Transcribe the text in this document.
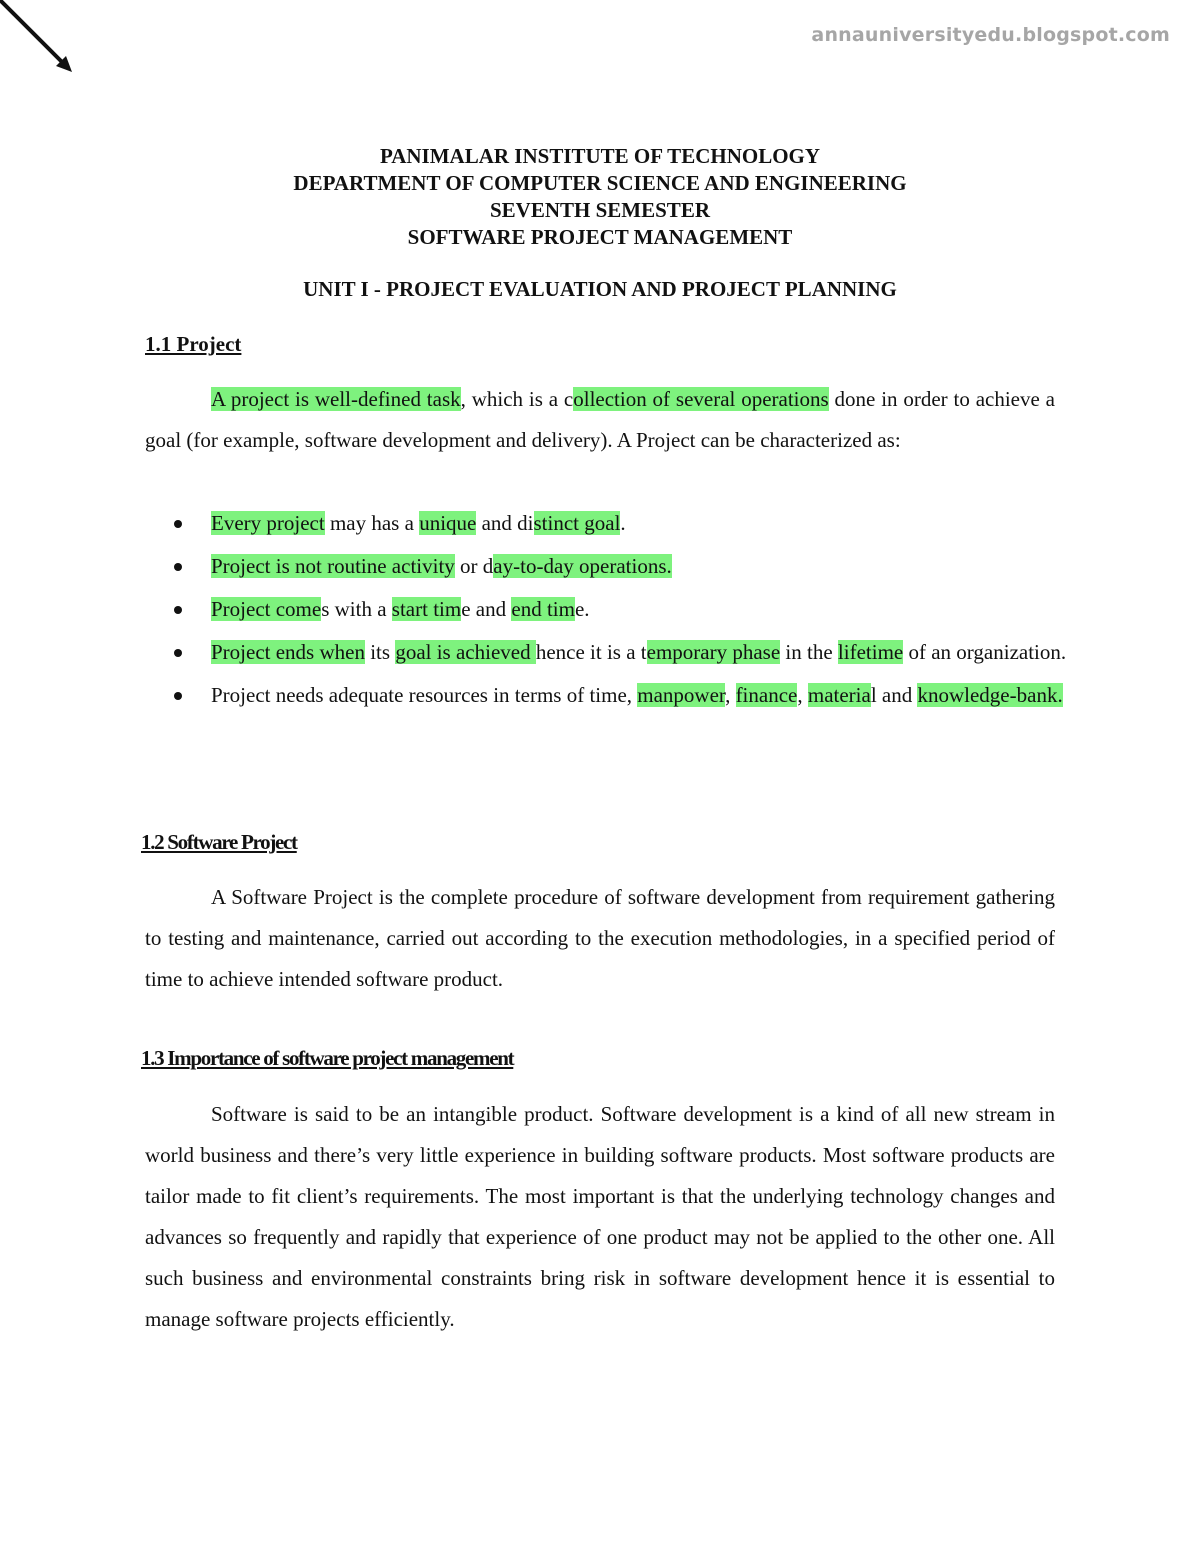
annauniversityedu.blogspot.com
PANIMALAR INSTITUTE OF TECHNOLOGY
DEPARTMENT OF COMPUTER SCIENCE AND ENGINEERING
SEVENTH SEMESTER
SOFTWARE PROJECT MANAGEMENT
UNIT I - PROJECT EVALUATION AND PROJECT PLANNING
1.1 Project
A project is well-defined task, which is a collection of several operations done in order to achieve a goal (for example, software development and delivery). A Project can be characterized as:
Every project may has a unique and distinct goal.
Project is not routine activity or day-to-day operations.
Project comes with a start time and end time.
Project ends when its goal is achieved hence it is a temporary phase in the lifetime of an organization.
Project needs adequate resources in terms of time, manpower, finance, material and knowledge-bank.
1.2 Software Project
A Software Project is the complete procedure of software development from requirement gathering to testing and maintenance, carried out according to the execution methodologies, in a specified period of time to achieve intended software product.
1.3 Importance of software project management
Software is said to be an intangible product. Software development is a kind of all new stream in world business and there’s very little experience in building software products. Most software products are tailor made to fit client’s requirements. The most important is that the underlying technology changes and advances so frequently and rapidly that experience of one product may not be applied to the other one. All such business and environmental constraints bring risk in software development hence it is essential to manage software projects efficiently.
